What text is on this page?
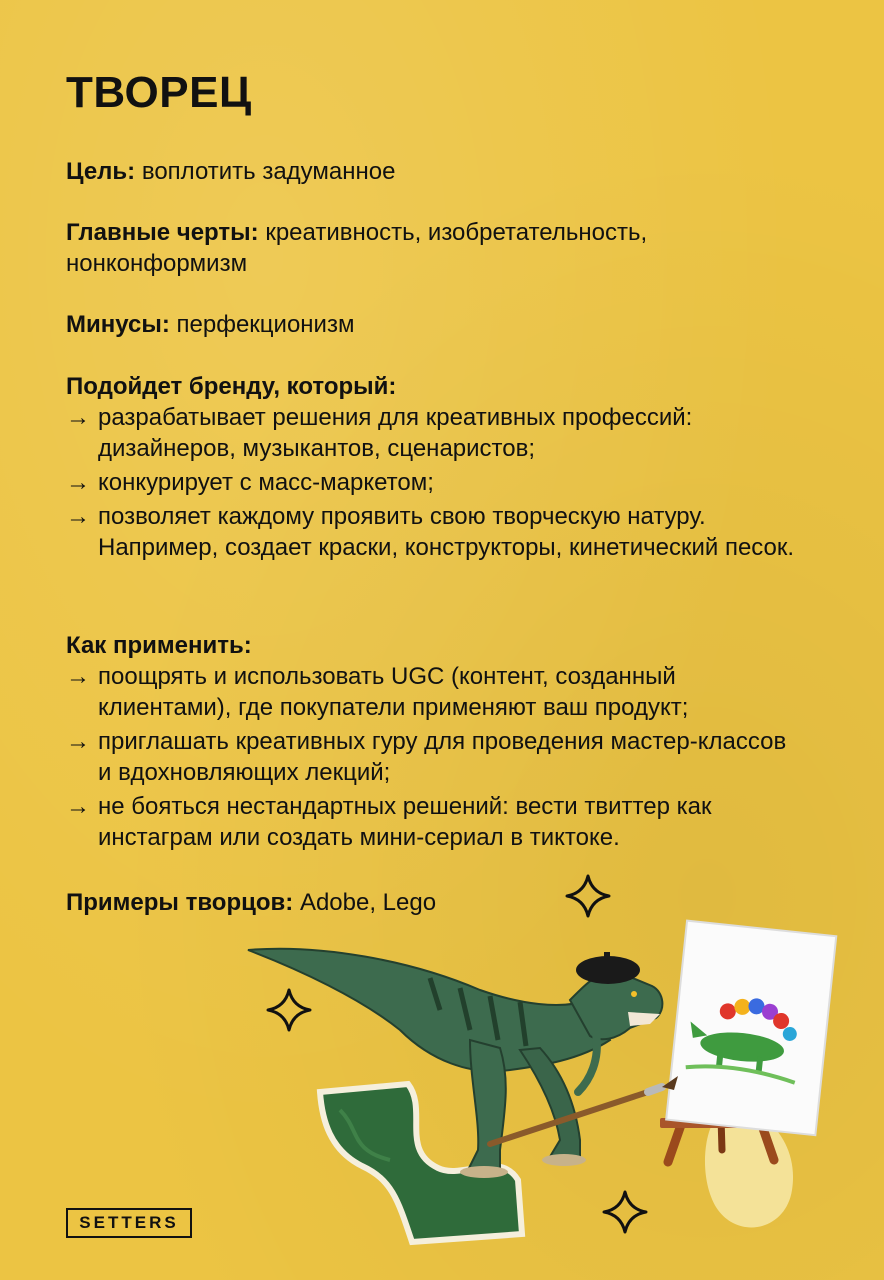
ТВОРЕЦ
Цель: воплотить задуманное
Главные черты: креативность, изобретательность, нонконформизм
Минусы: перфекционизм
Подойдет бренду, который:
→ разрабатывает решения для креативных профессий: дизайнеров, музыкантов, сценаристов;
→ конкурирует с масс-маркетом;
→ позволяет каждому проявить свою творческую натуру. Например, создает краски, конструкторы, кинетический песок.
Как применить:
→ поощрять и использовать UGC (контент, созданный клиентами), где покупатели применяют ваш продукт;
→ приглашать креативных гуру для проведения мастер-классов и вдохновляющих лекций;
→ не бояться нестандартных решений: вести твиттер как инстаграм или создать мини-сериал в тиктоке.
Примеры творцов: Adobe, Lego
SETTERS
